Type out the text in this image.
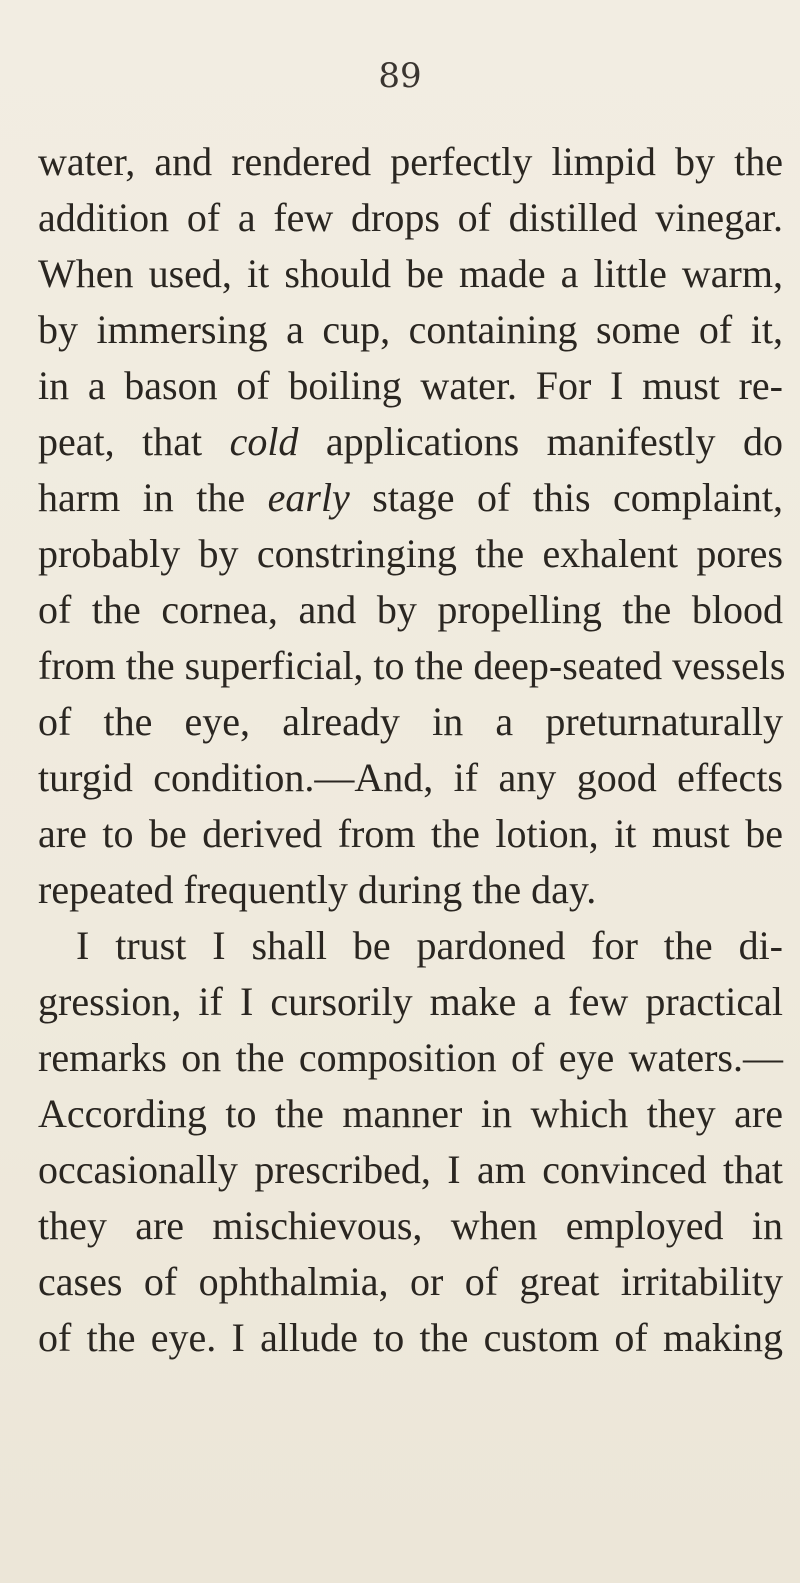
89
water, and rendered perfectly limpid by the
addition of a few drops of distilled vinegar.
When used, it should be made a little warm,
by immersing a cup, containing some of it,
in a bason of boiling water. For I must re-
peat, that cold applications manifestly do
harm in the early stage of this complaint,
probably by constringing the exhalent pores
of the cornea, and by propelling the blood
from the superficial, to the deep-seated vessels
of the eye, already in a preturnaturally
turgid condition.—And, if any good effects
are to be derived from the lotion, it must be
repeated frequently during the day.
I trust I shall be pardoned for the di-
gression, if I cursorily make a few practical
remarks on the composition of eye waters.—
According to the manner in which they are
occasionally prescribed, I am convinced that
they are mischievous, when employed in
cases of ophthalmia, or of great irritability
of the eye. I allude to the custom of making
